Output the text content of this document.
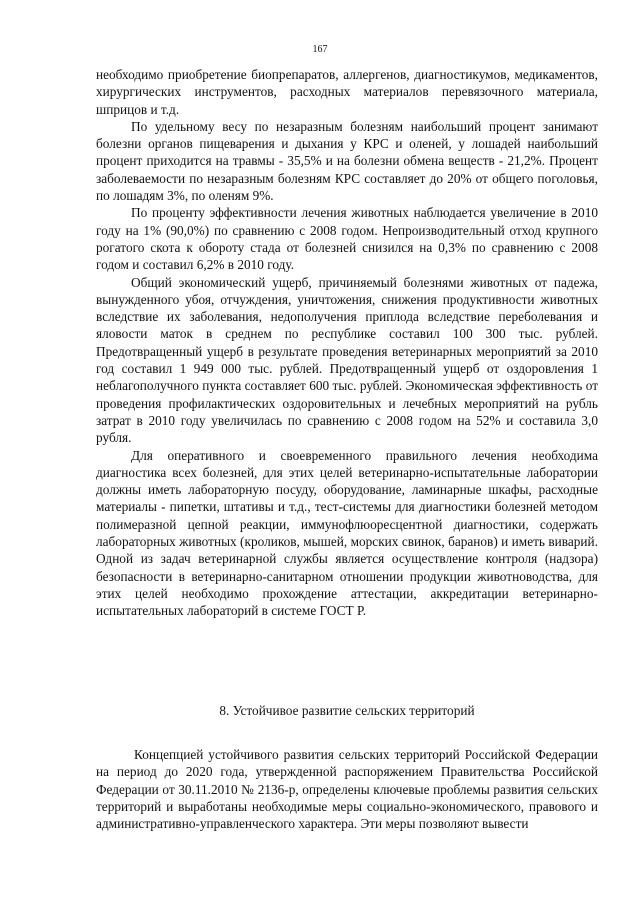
167

необходимо приобретение биопрепаратов, аллергенов, диагностикумов, медикаментов, хирургических инструментов, расходных материалов перевязочного материала, шприцов и т.д.

По удельному весу по незаразным болезням наибольший процент занимают болезни органов пищеварения и дыхания у КРС и оленей, у лошадей наибольший процент приходится на травмы - 35,5% и на болезни обмена веществ - 21,2%. Процент заболеваемости по незаразным болезням КРС составляет до 20% от общего поголовья, по лошадям 3%, по оленям 9%.

По проценту эффективности лечения животных наблюдается увеличение в 2010 году на 1% (90,0%) по сравнению с 2008 годом. Непроизводительный отход крупного рогатого скота к обороту стада от болезней снизился на 0,3% по сравнению с 2008 годом и составил 6,2% в 2010 году.

Общий экономический ущерб, причиняемый болезнями животных от падежа, вынужденного убоя, отчуждения, уничтожения, снижения продуктивности животных вследствие их заболевания, недополучения приплода вследствие переболевания и яловости маток в среднем по республике составил 100 300 тыс. рублей. Предотвращенный ущерб в результате проведения ветеринарных мероприятий за 2010 год составил 1 949 000 тыс. рублей. Предотвращенный ущерб от оздоровления 1 неблагополучного пункта составляет 600 тыс. рублей. Экономическая эффективность от проведения профилактических оздоровительных и лечебных мероприятий на рубль затрат в 2010 году увеличилась по сравнению с 2008 годом на 52% и составила 3,0 рубля.

Для оперативного и своевременного правильного лечения необходима диагностика всех болезней, для этих целей ветеринарно-испытательные лаборатории должны иметь лабораторную посуду, оборудование, ламинарные шкафы, расходные материалы - пипетки, штативы и т.д., тест-системы для диагностики болезней методом полимеразной цепной реакции, иммунофлюоресцентной диагностики, содержать лабораторных животных (кроликов, мышей, морских свинок, баранов) и иметь виварий. Одной из задач ветеринарной службы является осуществление контроля (надзора) безопасности в ветеринарно-санитарном отношении продукции животноводства, для этих целей необходимо прохождение аттестации, аккредитации ветеринарно-испытательных лабораторий в системе ГОСТ Р.

8. Устойчивое развитие сельских территорий

Концепцией устойчивого развития сельских территорий Российской Федерации на период до 2020 года, утвержденной распоряжением Правительства Российской Федерации от 30.11.2010 № 2136-р, определены ключевые проблемы развития сельских территорий и выработаны необходимые меры социально-экономического, правового и административно-управленческого характера. Эти меры позволяют вывести
